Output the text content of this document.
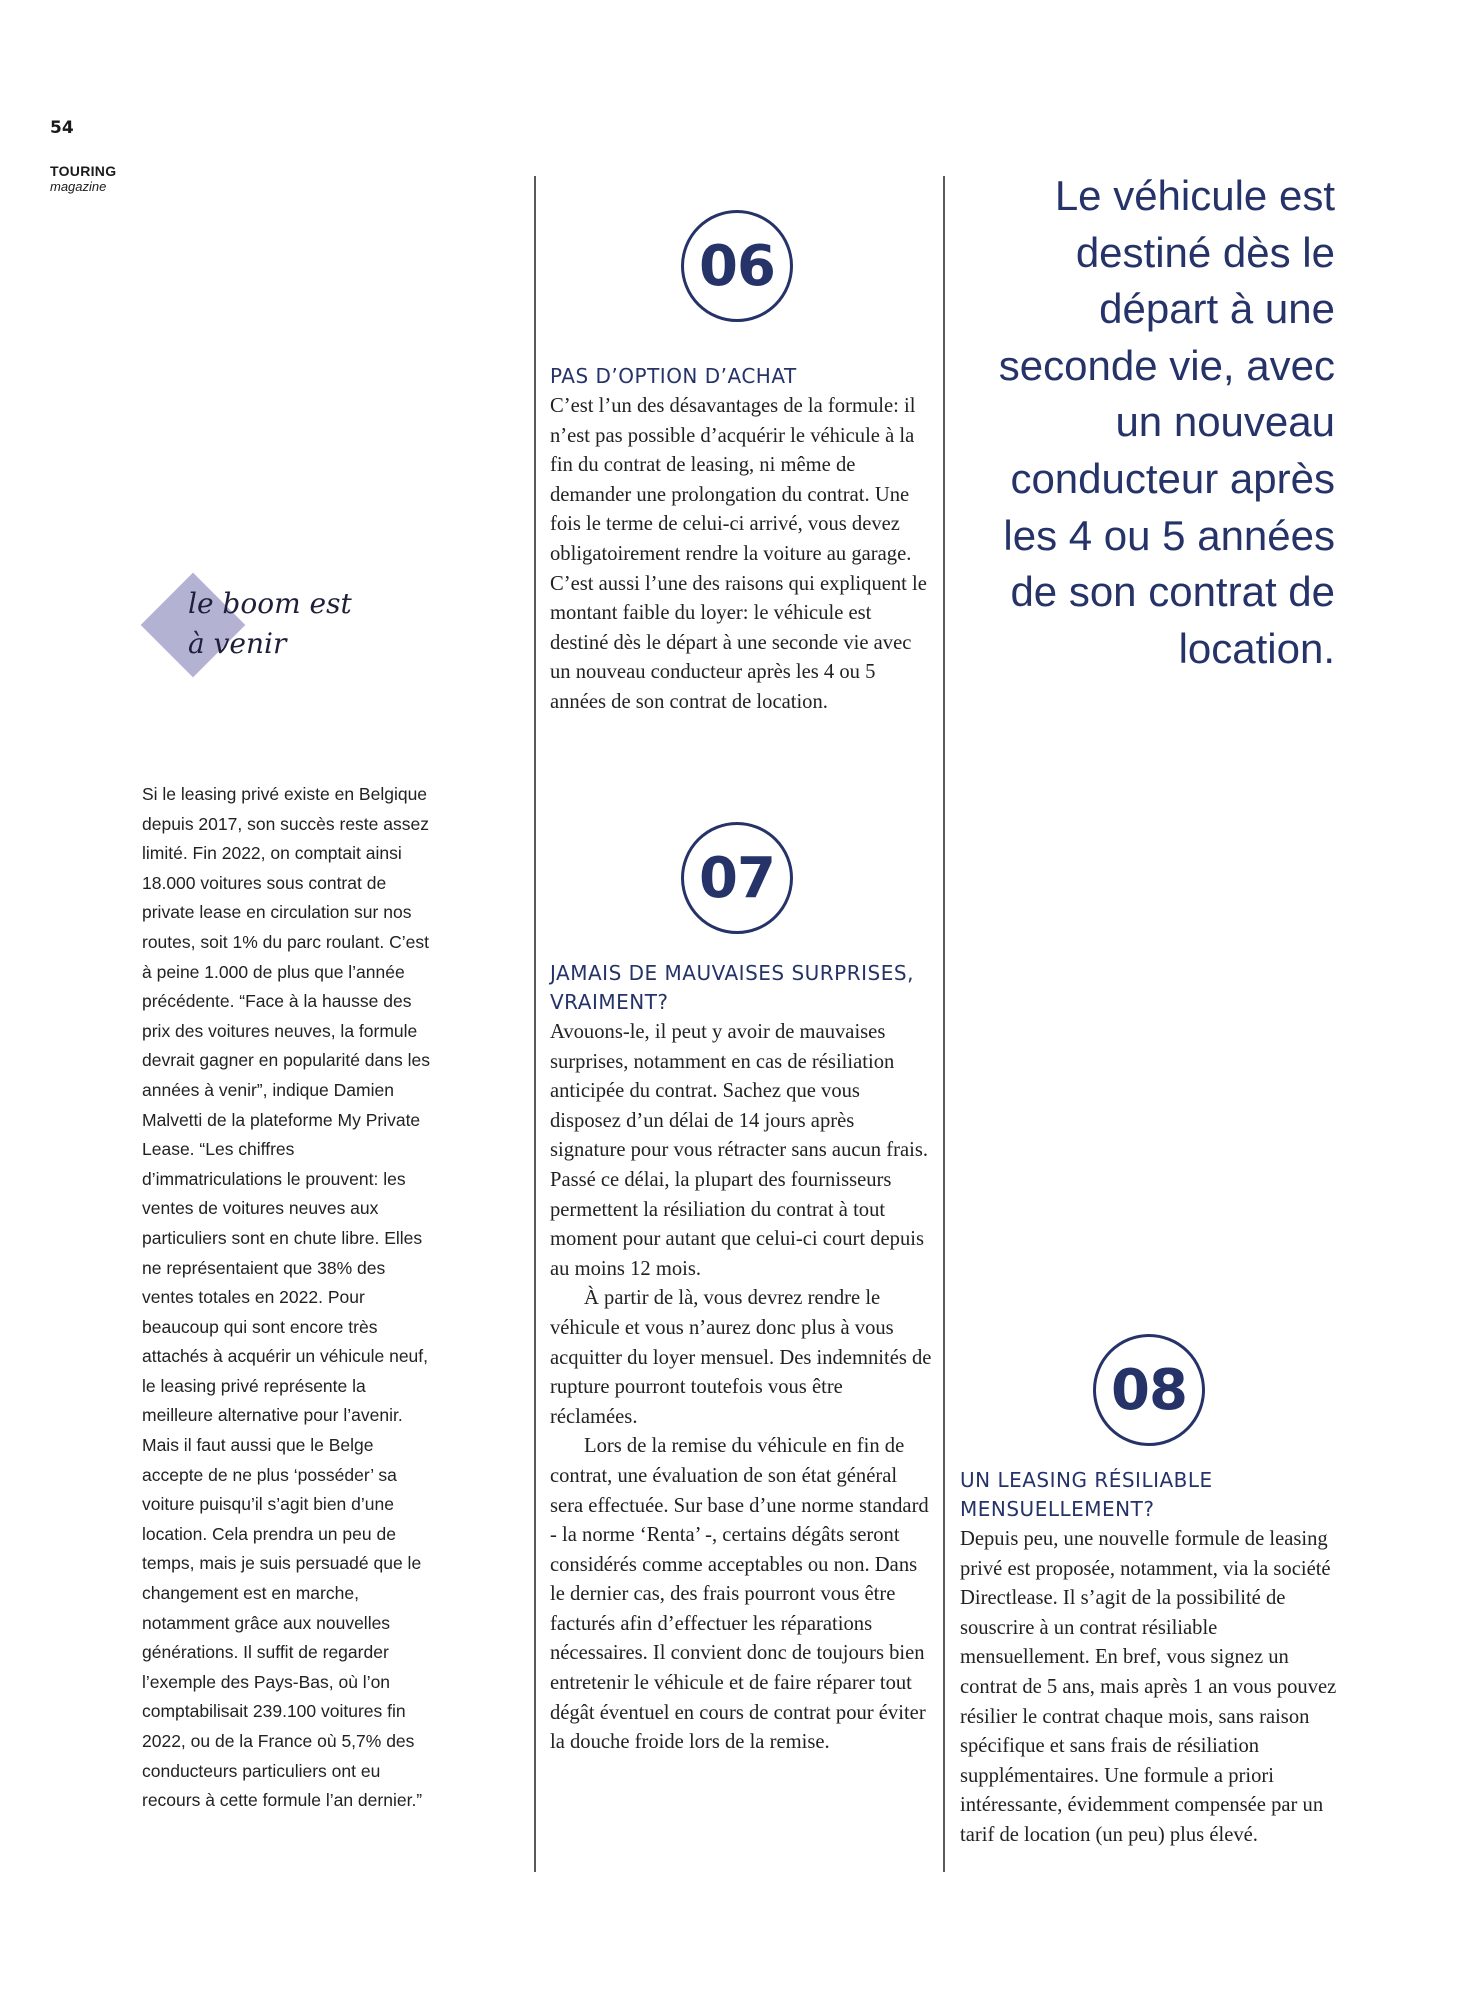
54
TOURING
magazine
le boom est
à venir
Si le leasing privé existe en Belgique depuis 2017, son succès reste assez limité. Fin 2022, on comptait ainsi 18.000 voitures sous contrat de private lease en circulation sur nos routes, soit 1% du parc roulant. C’est à peine 1.000 de plus que l’année précédente. “Face à la hausse des prix des voitures neuves, la formule devrait gagner en popularité dans les années à venir”, indique Damien Malvetti de la plateforme My Private Lease. “Les chiffres d’immatriculations le prouvent: les ventes de voitures neuves aux particuliers sont en chute libre. Elles ne représentaient que 38% des ventes totales en 2022. Pour beaucoup qui sont encore très attachés à acquérir un véhicule neuf, le leasing privé représente la meilleure alternative pour l’avenir. Mais il faut aussi que le Belge accepte de ne plus ‘posséder’ sa voiture puisqu’il s’agit bien d’une location. Cela prendra un peu de temps, mais je suis persuadé que le changement est en marche, notamment grâce aux nouvelles générations. Il suffit de regarder l’exemple des Pays-Bas, où l’on comptabilisait 239.100 voitures fin 2022, ou de la France où 5,7% des conducteurs particuliers ont eu recours à cette formule l’an dernier.”
06
PAS D’OPTION D’ACHAT

C’est l’un des désavantages de la formule: il n’est pas possible d’acquérir le véhicule à la fin du contrat de leasing, ni même de demander une prolongation du contrat. Une fois le terme de celui-ci arrivé, vous devez obligatoirement rendre la voiture au garage. C’est aussi l’une des raisons qui expliquent le montant faible du loyer: le véhicule est destiné dès le départ à une seconde vie avec un nouveau conducteur après les 4 ou 5 années de son contrat de location.

07
JAMAIS DE MAUVAISES SURPRISES, VRAIMENT?

Avouons-le, il peut y avoir de mauvaises surprises, notamment en cas de résiliation anticipée du contrat. Sachez que vous disposez d’un délai de 14 jours après signature pour vous rétracter sans aucun frais. Passé ce délai, la plupart des fournisseurs permettent la résiliation du contrat à tout moment pour autant que celui-ci court depuis au moins 12 mois.

À partir de là, vous devrez rendre le véhicule et vous n’aurez donc plus à vous acquitter du loyer mensuel. Des indemnités de rupture pourront toutefois vous être réclamées.

Lors de la remise du véhicule en fin de contrat, une évaluation de son état général sera effectuée. Sur base d’une norme standard - la norme ‘Renta’ -, certains dégâts seront considérés comme acceptables ou non. Dans le dernier cas, des frais pourront vous être facturés afin d’effectuer les réparations nécessaires. Il convient donc de toujours bien entretenir le véhicule et de faire réparer tout dégât éventuel en cours de contrat pour éviter la douche froide lors de la remise.

Le véhicule est destiné dès le départ à une seconde vie, avec un nouveau conducteur après les 4 ou 5 années de son contrat de location.
08
UN LEASING RÉSILIABLE MENSUELLEMENT?

Depuis peu, une nouvelle formule de leasing privé est proposée, notamment, via la société Directlease. Il s’agit de la possibilité de souscrire à un contrat résiliable mensuellement. En bref, vous signez un contrat de 5 ans, mais après 1 an vous pouvez résilier le contrat chaque mois, sans raison spécifique et sans frais de résiliation supplémentaires. Une formule a priori intéressante, évidemment compensée par un tarif de location (un peu) plus élevé.
